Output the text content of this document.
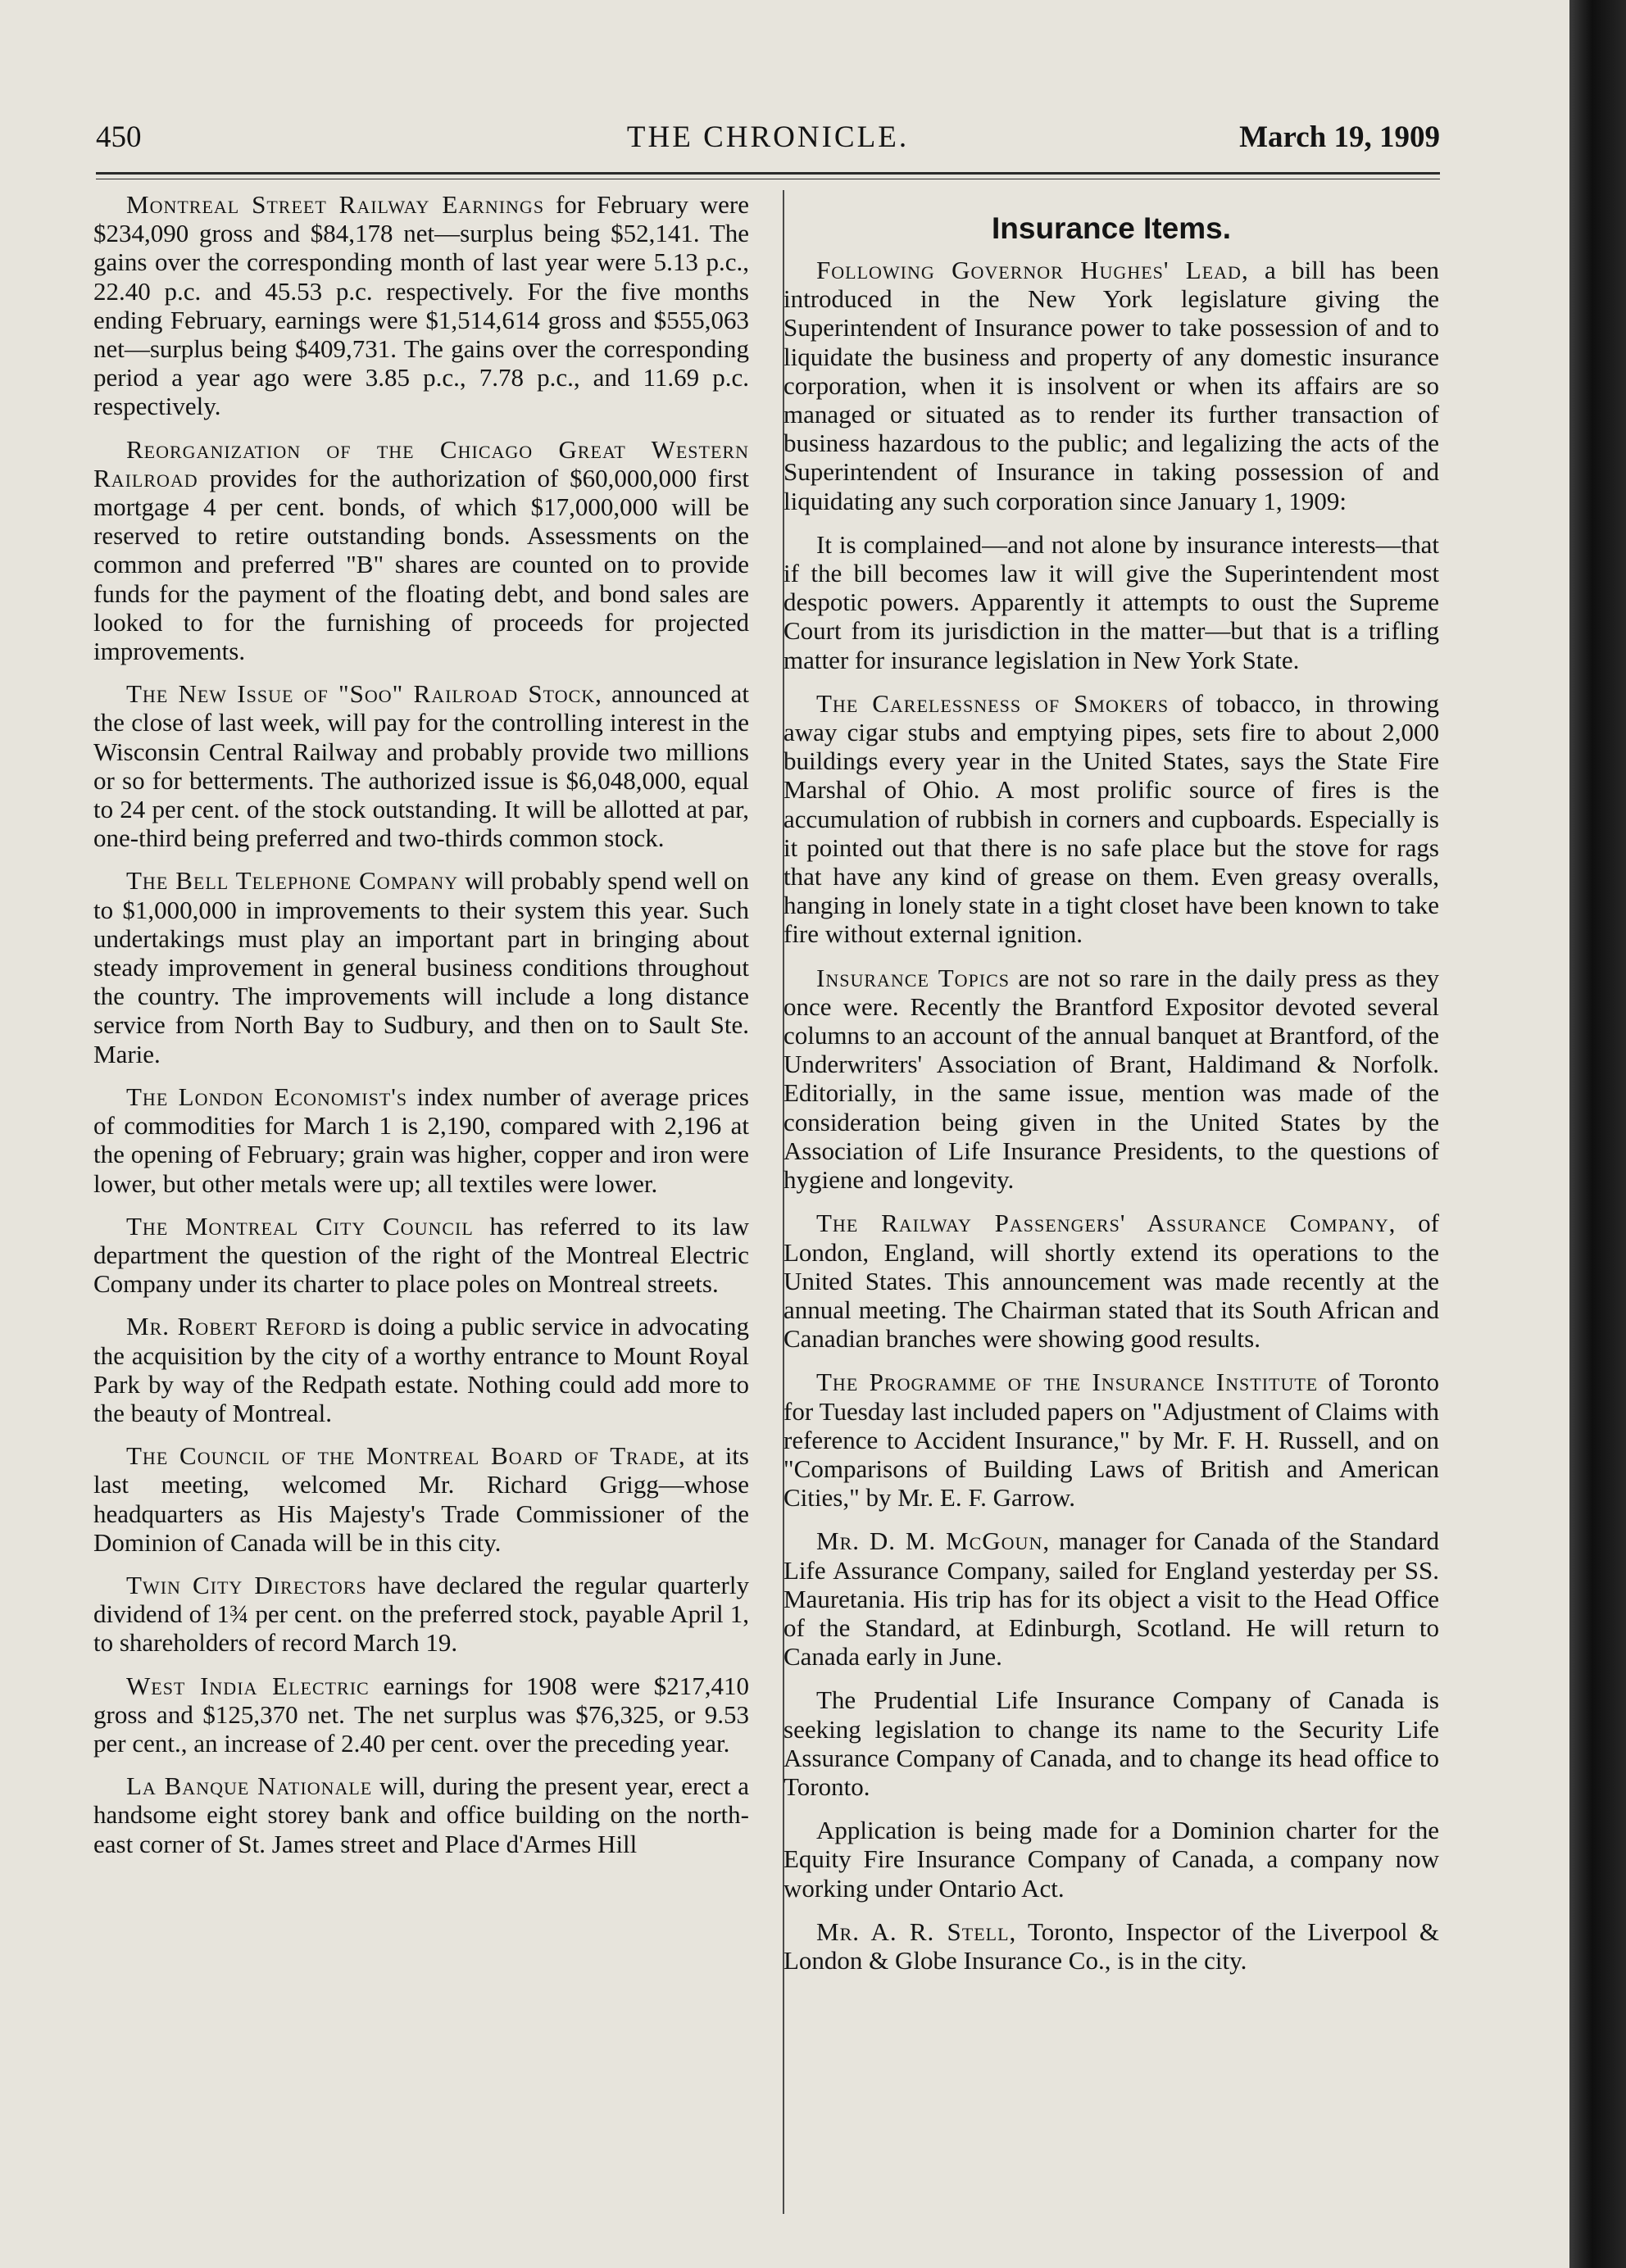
450	THE CHRONICLE.	March 19, 1909

Montreal Street Railway Earnings for February were $234,090 gross and $84,178 net—surplus being $52,141. The gains over the corresponding month of last year were 5.13 p.c., 22.40 p.c. and 45.53 p.c. respectively. For the five months ending February, earnings were $1,514,614 gross and $555,063 net—surplus being $409,731. The gains over the corresponding period a year ago were 3.85 p.c., 7.78 p.c., and 11.69 p.c. respectively.

Reorganization of the Chicago Great Western Railroad provides for the authorization of $60,000,000 first mortgage 4 per cent. bonds, of which $17,000,000 will be reserved to retire outstanding bonds. Assessments on the common and preferred "B" shares are counted on to provide funds for the payment of the floating debt, and bond sales are looked to for the furnishing of proceeds for projected improvements.

The New Issue of "Soo" Railroad Stock, announced at the close of last week, will pay for the controlling interest in the Wisconsin Central Railway and probably provide two millions or so for betterments. The authorized issue is $6,048,000, equal to 24 per cent. of the stock outstanding. It will be allotted at par, one-third being preferred and two-thirds common stock.

The Bell Telephone Company will probably spend well on to $1,000,000 in improvements to their system this year. Such undertakings must play an important part in bringing about steady improvement in general business conditions throughout the country. The improvements will include a long distance service from North Bay to Sudbury, and then on to Sault Ste. Marie.

The London Economist's index number of average prices of commodities for March 1 is 2,190, compared with 2,196 at the opening of February; grain was higher, copper and iron were lower, but other metals were up; all textiles were lower.

The Montreal City Council has referred to its law department the question of the right of the Montreal Electric Company under its charter to place poles on Montreal streets.

Mr. Robert Reford is doing a public service in advocating the acquisition by the city of a worthy entrance to Mount Royal Park by way of the Redpath estate. Nothing could add more to the beauty of Montreal.

The Council of the Montreal Board of Trade, at its last meeting, welcomed Mr. Richard Grigg—whose headquarters as His Majesty's Trade Commissioner of the Dominion of Canada will be in this city.

Twin City Directors have declared the regular quarterly dividend of 1¾ per cent. on the preferred stock, payable April 1, to shareholders of record March 19.

West India Electric earnings for 1908 were $217,410 gross and $125,370 net. The net surplus was $76,325, or 9.53 per cent., an increase of 2.40 per cent. over the preceding year.

La Banque Nationale will, during the present year, erect a handsome eight storey bank and office building on the north-east corner of St. James street and Place d'Armes Hill

Insurance Items.

Following Governor Hughes' Lead, a bill has been introduced in the New York legislature giving the Superintendent of Insurance power to take possession of and to liquidate the business and property of any domestic insurance corporation, when it is insolvent or when its affairs are so managed or situated as to render its further transaction of business hazardous to the public; and legalizing the acts of the Superintendent of Insurance in taking possession of and liquidating any such corporation since January 1, 1909:

It is complained—and not alone by insurance interests—that if the bill becomes law it will give the Superintendent most despotic powers. Apparently it attempts to oust the Supreme Court from its jurisdiction in the matter—but that is a trifling matter for insurance legislation in New York State.

The Carelessness of Smokers of tobacco, in throwing away cigar stubs and emptying pipes, sets fire to about 2,000 buildings every year in the United States, says the State Fire Marshal of Ohio. A most prolific source of fires is the accumulation of rubbish in corners and cupboards. Especially is it pointed out that there is no safe place but the stove for rags that have any kind of grease on them. Even greasy overalls, hanging in lonely state in a tight closet have been known to take fire without external ignition.

Insurance Topics are not so rare in the daily press as they once were. Recently the Brantford Expositor devoted several columns to an account of the annual banquet at Brantford, of the Underwriters' Association of Brant, Haldimand & Norfolk. Editorially, in the same issue, mention was made of the consideration being given in the United States by the Association of Life Insurance Presidents, to the questions of hygiene and longevity.

The Railway Passengers' Assurance Company, of London, England, will shortly extend its operations to the United States. This announcement was made recently at the annual meeting. The Chairman stated that its South African and Canadian branches were showing good results.

The Programme of the Insurance Institute of Toronto for Tuesday last included papers on "Adjustment of Claims with reference to Accident Insurance," by Mr. F. H. Russell, and on "Comparisons of Building Laws of British and American Cities," by Mr. E. F. Garrow.

Mr. D. M. McGoun, manager for Canada of the Standard Life Assurance Company, sailed for England yesterday per SS. Mauretania. His trip has for its object a visit to the Head Office of the Standard, at Edinburgh, Scotland. He will return to Canada early in June.

The Prudential Life Insurance Company of Canada is seeking legislation to change its name to the Security Life Assurance Company of Canada, and to change its head office to Toronto.

Application is being made for a Dominion charter for the Equity Fire Insurance Company of Canada, a company now working under Ontario Act.

Mr. A. R. Stell, Toronto, Inspector of the Liverpool & London & Globe Insurance Co., is in the city.
